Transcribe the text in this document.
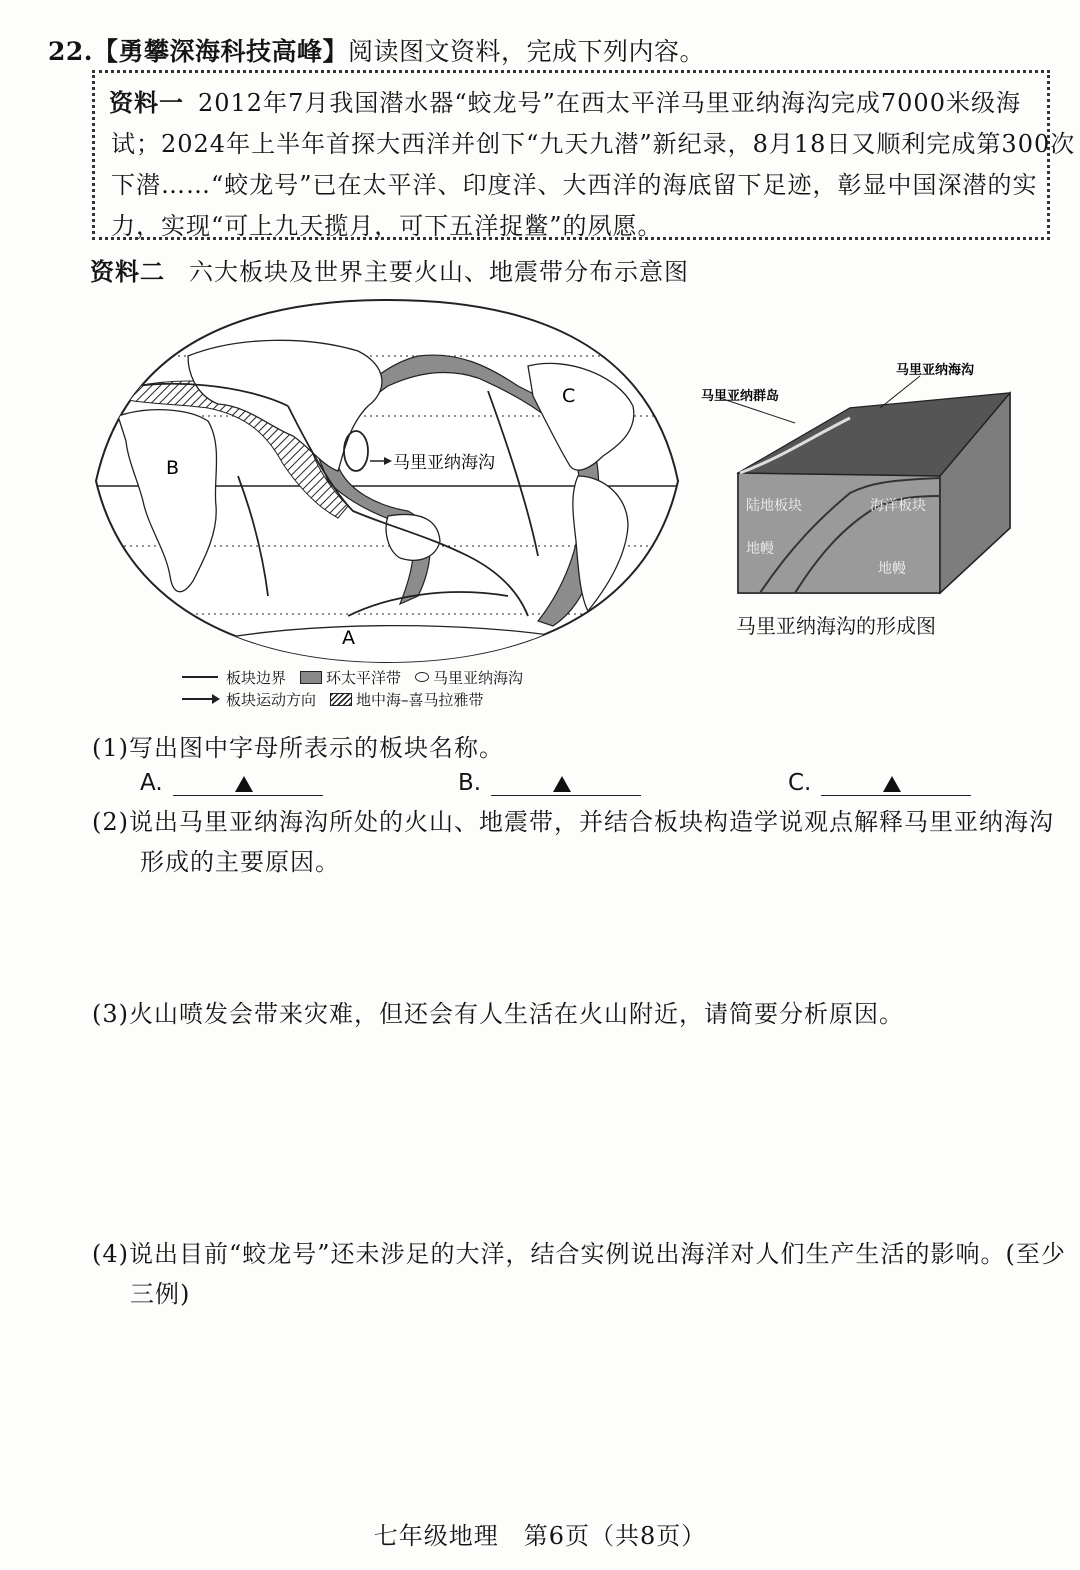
22.【勇攀深海科技高峰】阅读图文资料，完成下列内容。
资料一 2012年7月我国潜水器“蛟龙号”在西太平洋马里亚纳海沟完成7000米级海
试；2024年上半年首探大西洋并创下“九天九潜”新纪录，8月18日又顺利完成第300次
下潜……“蛟龙号”已在太平洋、印度洋、大西洋的海底留下足迹，彰显中国深潜的实
力，实现“可上九天揽月，可下五洋捉鳖”的夙愿。
资料二 六大板块及世界主要火山、地震带分布示意图
马里亚纳海沟
B
C
A
马里亚纳群岛
马里亚纳海沟
陆地板块	海洋板块
地幔
地幔
马里亚纳海沟的形成图
板块边界	环太平洋带 马里亚纳海沟
板块运动方向	地中海–喜马拉雅带
(1)写出图中字母所表示的板块名称。
A.	B.	C.
(2)说出马里亚纳海沟所处的火山、地震带，并结合板块构造学说观点解释马里亚纳海沟
形成的主要原因。
(3)火山喷发会带来灾难，但还会有人生活在火山附近，请简要分析原因。
(4)说出目前“蛟龙号”还未涉足的大洋，结合实例说出海洋对人们生产生活的影响。(至少
三例)
七年级地理　第6页（共8页）
